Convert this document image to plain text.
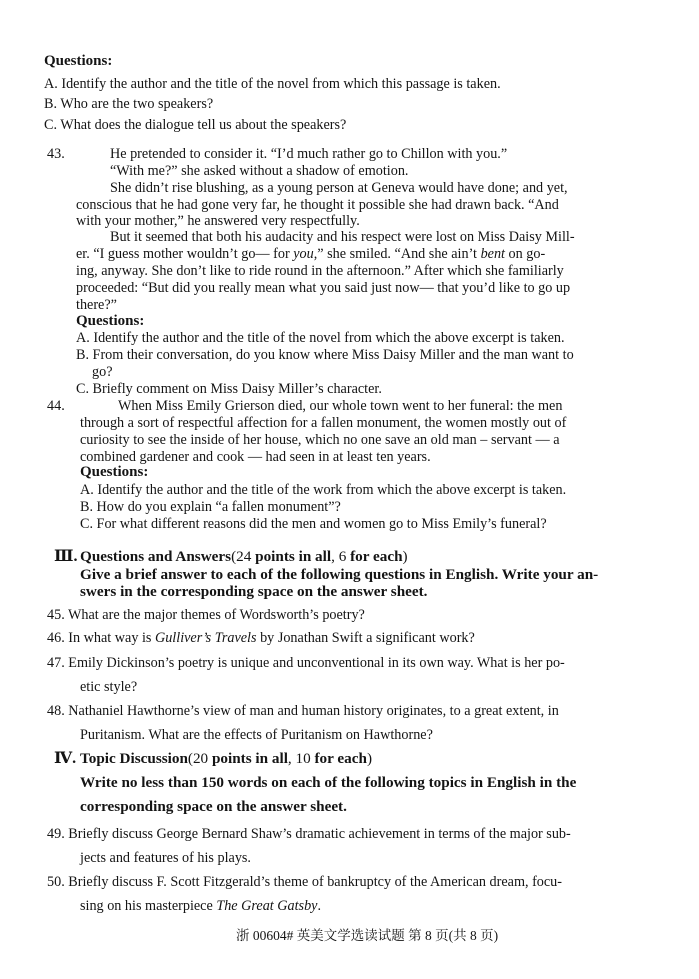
Questions:
A. Identify the author and the title of the novel from which this passage is taken.
B. Who are the two speakers?
C. What does the dialogue tell us about the speakers?
43.	He pretended to consider it. “I’d much rather go to Chillon with you.”
“With me?” she asked without a shadow of emotion.
She didn’t rise blushing, as a young person at Geneva would have done; and yet,
conscious that he had gone very far, he thought it possible she had drawn back. “And
with your mother,” he answered very respectfully.
But it seemed that both his audacity and his respect were lost on Miss Daisy Mill-
er. “I guess mother wouldn’t go— for you,” she smiled. “And she ain’t bent on go-
ing, anyway. She don’t like to ride round in the afternoon.” After which she familiarly
proceeded: “But did you really mean what you said just now— that you’d like to go up
there?”
Questions:
A. Identify the author and the title of the novel from which the above excerpt is taken.
B. From their conversation, do you know where Miss Daisy Miller and the man want to
go?
C. Briefly comment on Miss Daisy Miller’s character.
44.	When Miss Emily Grierson died, our whole town went to her funeral: the men
through a sort of respectful affection for a fallen monument, the women mostly out of
curiosity to see the inside of her house, which no one save an old man – servant — a
combined gardener and cook — had seen in at least ten years.
Questions:
A. Identify the author and the title of the work from which the above excerpt is taken.
B. How do you explain “a fallen monument”?
C. For what different reasons did the men and women go to Miss Emily’s funeral?
Ⅲ. Questions and Answers(24 points in all, 6 for each)
Give a brief answer to each of the following questions in English. Write your an-
swers in the corresponding space on the answer sheet.
45. What are the major themes of Wordsworth’s poetry?
46. In what way is Gulliver’s Travels by Jonathan Swift a significant work?
47. Emily Dickinson’s poetry is unique and unconventional in its own way. What is her po-
etic style?
48. Nathaniel Hawthorne’s view of man and human history originates, to a great extent, in
Puritanism. What are the effects of Puritanism on Hawthorne?
Ⅳ. Topic Discussion(20 points in all, 10 for each)
Write no less than 150 words on each of the following topics in English in the
corresponding space on the answer sheet.
49. Briefly discuss George Bernard Shaw’s dramatic achievement in terms of the major sub-
jects and features of his plays.
50. Briefly discuss F. Scott Fitzgerald’s theme of bankruptcy of the American dream, focu-
sing on his masterpiece The Great Gatsby.
浙 00604# 英美文学选读试题 第 8 页(共 8 页)
